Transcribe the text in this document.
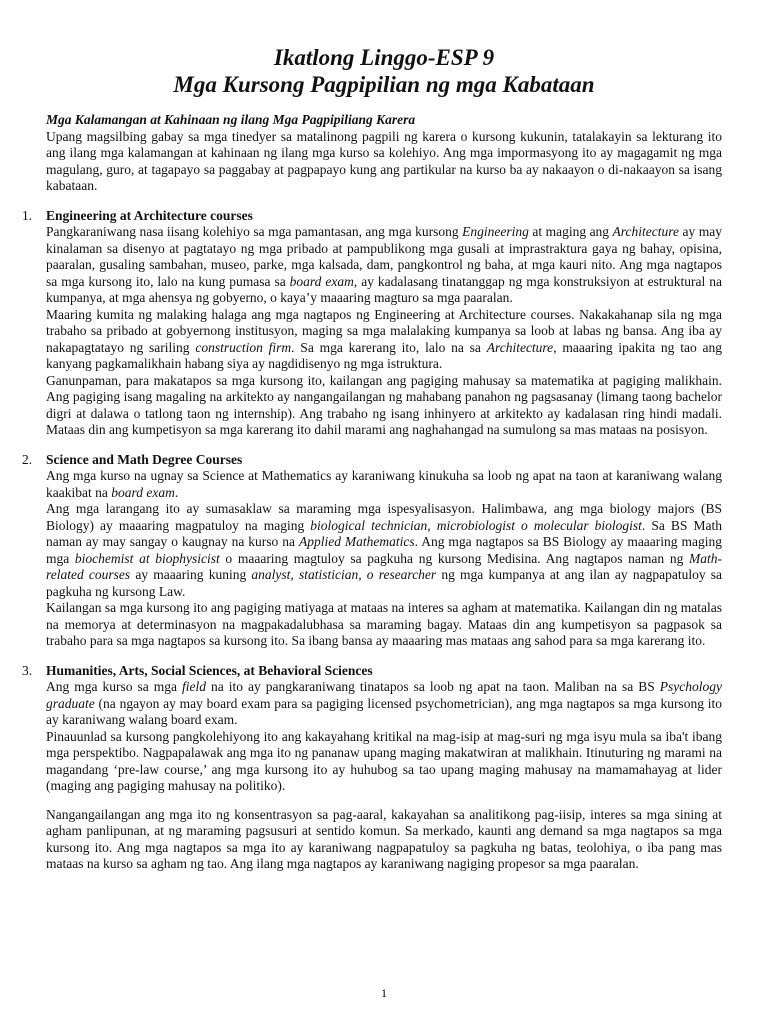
Ikatlong Linggo-ESP 9
Mga Kursong Pagpipilian ng mga Kabataan

Mga Kalamangan at Kahinaan ng ilang Mga Pagpipiliang Karera

Upang magsilbing gabay sa mga tinedyer sa matalinong pagpili ng karera o kursong kukunin, tatalakayin sa lekturang ito ang ilang mga kalamangan at kahinaan ng ilang mga kurso sa kolehiyo. Ang mga impormasyong ito ay magagamit ng mga magulang, guro, at tagapayo sa paggabay at pagpapayo kung ang partikular na kurso ba ay nakaayon o di-nakaayon sa isang kabataan.

1. Engineering at Architecture courses

Pangkaraniwang nasa iisang kolehiyo sa mga pamantasan, ang mga kursong Engineering at maging ang Architecture ay may kinalaman sa disenyo at pagtatayo ng mga pribado at pampublikong mga gusali at imprastraktura gaya ng bahay, opisina, paaralan, gusaling sambahan, museo, parke, mga kalsada, dam, pangkontrol ng baha, at mga kauri nito. Ang mga nagtapos sa mga kursong ito, lalo na kung pumasa sa board exam, ay kadalasang tinatanggap ng mga konstruksiyon at estruktural na kumpanya, at mga ahensya ng gobyerno, o kaya’y maaaring magturo sa mga paaralan.

Maaring kumita ng malaking halaga ang mga nagtapos ng Engineering at Architecture courses. Nakakahanap sila ng mga trabaho sa pribado at gobyernong institusyon, maging sa mga malalaking kumpanya sa loob at labas ng bansa. Ang iba ay nakapagtatayo ng sariling construction firm. Sa mga karerang ito, lalo na sa Architecture, maaaring ipakita ng tao ang kanyang pagkamalikhain habang siya ay nagdidisenyo ng mga istruktura.

Ganunpaman, para makatapos sa mga kursong ito, kailangan ang pagiging mahusay sa matematika at pagiging malikhain. Ang pagiging isang magaling na arkitekto ay nangangailangan ng mahabang panahon ng pagsasanay (limang taong bachelor digri at dalawa o tatlong taon ng internship). Ang trabaho ng isang inhinyero at arkitekto ay kadalasan ring hindi madali. Mataas din ang kumpetisyon sa mga karerang ito dahil marami ang naghahangad na sumulong sa mas mataas na posisyon.

2. Science and Math Degree Courses

Ang mga kurso na ugnay sa Science at Mathematics ay karaniwang kinukuha sa loob ng apat na taon at karaniwang walang kaakibat na board exam.

Ang mga larangang ito ay sumasaklaw sa maraming mga ispesyalisasyon. Halimbawa, ang mga biology majors (BS Biology) ay maaaring magpatuloy na maging biological technician, microbiologist o molecular biologist. Sa BS Math naman ay may sangay o kaugnay na kurso na Applied Mathematics. Ang mga nagtapos sa BS Biology ay maaaring maging mga biochemist at biophysicist o maaaring magtuloy sa pagkuha ng kursong Medisina. Ang nagtapos naman ng Math-related courses ay maaaring kuning analyst, statistician, o researcher ng mga kumpanya at ang ilan ay nagpapatuloy sa pagkuha ng kursong Law.

Kailangan sa mga kursong ito ang pagiging matiyaga at mataas na interes sa agham at matematika. Kailangan din ng matalas na memorya at determinasyon na magpakadalubhasa sa maraming bagay. Mataas din ang kumpetisyon sa pagpasok sa trabaho para sa mga nagtapos sa kursong ito. Sa ibang bansa ay maaaring mas mataas ang sahod para sa mga karerang ito.

3. Humanities, Arts, Social Sciences, at Behavioral Sciences

Ang mga kurso sa mga field na ito ay pangkaraniwang tinatapos sa loob ng apat na taon. Maliban na sa BS Psychology graduate (na ngayon ay may board exam para sa pagiging licensed psychometrician), ang mga nagtapos sa mga kursong ito ay karaniwang walang board exam.

Pinauunlad sa kursong pangkolehiyong ito ang kakayahang kritikal na mag-isip at mag-suri ng mga isyu mula sa iba't ibang mga perspektibo. Nagpapalawak ang mga ito ng pananaw upang maging makatwiran at malikhain. Itinuturing ng marami na magandang ‘pre-law course,’ ang mga kursong ito ay huhubog sa tao upang maging mahusay na mamamahayag at lider (maging ang pagiging mahusay na politiko).

Nangangailangan ang mga ito ng konsentrasyon sa pag-aaral, kakayahan sa analitikong pag-iisip, interes sa mga sining at agham panlipunan, at ng maraming pagsusuri at sentido komun. Sa merkado, kaunti ang demand sa mga nagtapos sa mga kursong ito. Ang mga nagtapos sa mga ito ay karaniwang nagpapatuloy sa pagkuha ng batas, teolohiya, o iba pang mas mataas na kurso sa agham ng tao. Ang ilang mga nagtapos ay karaniwang nagiging propesor sa mga paaralan.

1
